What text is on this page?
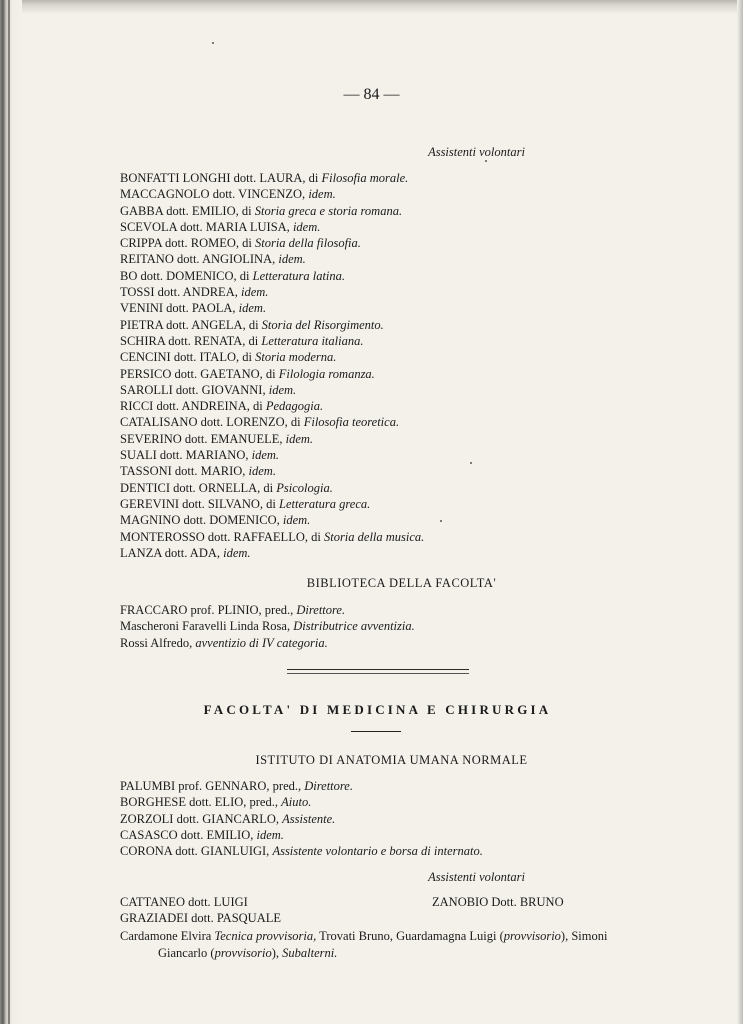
— 84 —
Assistenti volontari
BONFATTI LONGHI dott. LAURA, di Filosofia morale.
MACCAGNOLO dott. VINCENZO, idem.
GABBA dott. EMILIO, di Storia greca e storia romana.
SCEVOLA dott. MARIA LUISA, idem.
CRIPPA dott. ROMEO, di Storia della filosofia.
REITANO dott. ANGIOLINA, idem.
BO dott. DOMENICO, di Letteratura latina.
TOSSI dott. ANDREA, idem.
VENINI dott. PAOLA, idem.
PIETRA dott. ANGELA, di Storia del Risorgimento.
SCHIRA dott. RENATA, di Letteratura italiana.
CENCINI dott. ITALO, di Storia moderna.
PERSICO dott. GAETANO, di Filologia romanza.
SAROLLI dott. GIOVANNI, idem.
RICCI dott. ANDREINA, di Pedagogia.
CATALISANO dott. LORENZO, di Filosofia teoretica.
SEVERINO dott. EMANUELE, idem.
SUALI dott. MARIANO, idem.
TASSONI dott. MARIO, idem.
DENTICI dott. ORNELLA, di Psicologia.
GEREVINI dott. SILVANO, di Letteratura greca.
MAGNINO dott. DOMENICO, idem.
MONTEROSSO dott. RAFFAELLO, di Storia della musica.
LANZA dott. ADA, idem.
BIBLIOTECA DELLA FACOLTA'
FRACCARO prof. PLINIO, pred., Direttore.
Mascheroni Faravelli Linda Rosa, Distributrice avventizia.
Rossi Alfredo, avventizio di IV categoria.
FACOLTA' DI MEDICINA E CHIRURGIA
ISTITUTO DI ANATOMIA UMANA NORMALE
PALUMBI prof. GENNARO, pred., Direttore.
BORGHESE dott. ELIO, pred., Aiuto.
ZORZOLI dott. GIANCARLO, Assistente.
CASASCO dott. EMILIO, idem.
CORONA dott. GIANLUIGI, Assistente volontario e borsa di internato.
Assistenti volontari
CATTANEO dott. LUIGI	ZANOBIO Dott. BRUNO
GRAZIADEI dott. PASQUALE
Cardamone Elvira Tecnica provvisoria, Trovati Bruno, Guardamagna Luigi (provvisorio), Simoni
Giancarlo (provvisorio), Subalterni.
